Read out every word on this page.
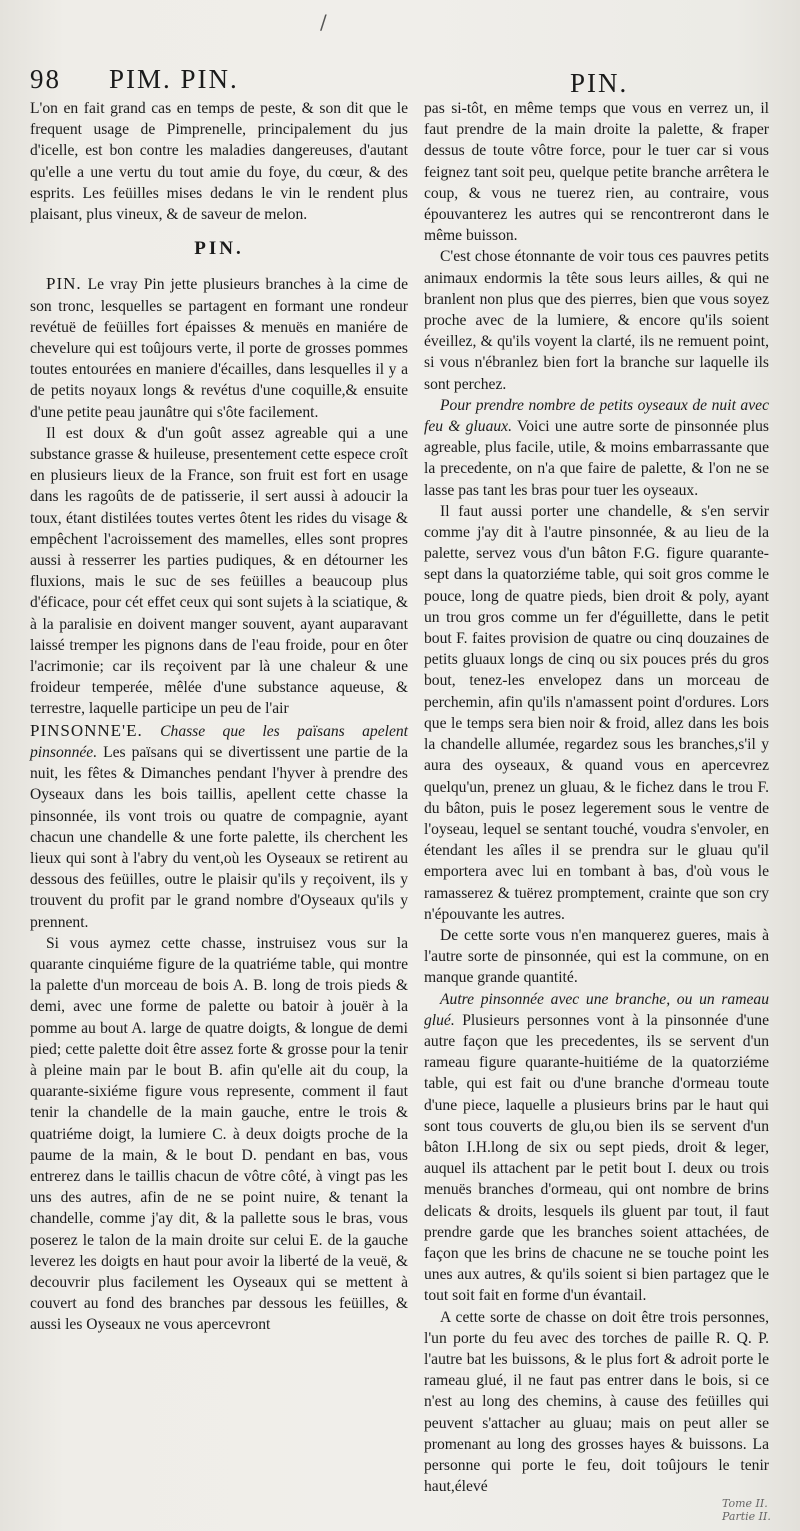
/
98 PIM. PIN.	PIN.

L'on en fait grand cas en temps de peste, & son dit que le frequent usage de Pimprenelle, principalement du jus d'icelle, est bon contre les maladies dangereuses, d'autant qu'elle a une vertu du tout amie du foye, du cœur, & des esprits. Les feüilles mises dedans le vin le rendent plus plaisant, plus vineux, & de saveur de melon.

PIN.

PIN. Le vray Pin jette plusieurs branches à la cime de son tronc, lesquelles se partagent en formant une rondeur revétuë de feüilles fort épaisses & menuës en maniére de chevelure qui est toûjours verte, il porte de grosses pommes toutes entourées en maniere d'écailles, dans lesquelles il y a de petits noyaux longs & revétus d'une coquille,& ensuite d'une petite peau jaunâtre qui s'ôte facilement.

Il est doux & d'un goût assez agreable qui a une substance grasse & huileuse, presentement cette espece croît en plusieurs lieux de la France, son fruit est fort en usage dans les ragoûts de de patisserie, il sert aussi à adoucir la toux, étant distilées toutes vertes ôtent les rides du visage & empêchent l'acroissement des mamelles, elles sont propres aussi à resserrer les parties pudiques, & en détourner les fluxions, mais le suc de ses feüilles a beaucoup plus d'éficace, pour cét effet ceux qui sont sujets à la sciatique, & à la paralisie en doivent manger souvent, ayant auparavant laissé tremper les pignons dans de l'eau froide, pour en ôter l'acrimonie; car ils reçoivent par là une chaleur & une froideur temperée, mêlée d'une substance aqueuse, & terrestre, laquelle participe un peu de l'air

PINSONNE'E. Chasse que les païsans apelent pinsonnée. Les païsans qui se divertissent une partie de la nuit, les fêtes & Dimanches pendant l'hyver à prendre des Oyseaux dans les bois taillis, apellent cette chasse la pinsonnée, ils vont trois ou quatre de compagnie, ayant chacun une chandelle & une forte palette, ils cherchent les lieux qui sont à l'abry du vent,où les Oyseaux se retirent au dessous des feüilles, outre le plaisir qu'ils y reçoivent, ils y trouvent du profit par le grand nombre d'Oyseaux qu'ils y prennent.

Si vous aymez cette chasse, instruisez vous sur la quarante cinquiéme figure de la quatriéme table, qui montre la palette d'un morceau de bois A. B. long de trois pieds & demi, avec une forme de palette ou batoir à jouër à la pomme au bout A. large de quatre doigts, & longue de demi pied; cette palette doit être assez forte & grosse pour la tenir à pleine main par le bout B. afin qu'elle ait du coup, la quarante-sixiéme figure vous represente, comment il faut tenir la chandelle de la main gauche, entre le trois & quatriéme doigt, la lumiere C. à deux doigts proche de la paume de la main, & le bout D. pendant en bas, vous entrerez dans le taillis chacun de vôtre côté, à vingt pas les uns des autres, afin de ne se point nuire, & tenant la chandelle, comme j'ay dit, & la pallette sous le bras, vous poserez le talon de la main droite sur celui E. de la gauche leverez les doigts en haut pour avoir la liberté de la veuë, & decouvrir plus facilement les Oyseaux qui se mettent à couvert au fond des branches par dessous les feüilles, & aussi les Oyseaux ne vous apercevront

pas si-tôt, en même temps que vous en verrez un, il faut prendre de la main droite la palette, & fraper dessus de toute vôtre force, pour le tuer car si vous feignez tant soit peu, quelque petite branche arrêtera le coup, & vous ne tuerez rien, au contraire, vous épouvanterez les autres qui se rencontreront dans le même buisson.

C'est chose étonnante de voir tous ces pauvres petits animaux endormis la tête sous leurs ailles, & qui ne branlent non plus que des pierres, bien que vous soyez proche avec de la lumiere, & encore qu'ils soient éveillez, & qu'ils voyent la clarté, ils ne remuent point, si vous n'ébranlez bien fort la branche sur laquelle ils sont perchez.

Pour prendre nombre de petits oyseaux de nuit avec feu & gluaux. Voici une autre sorte de pinsonnée plus agreable, plus facile, utile, & moins embarrassante que la precedente, on n'a que faire de palette, & l'on ne se lasse pas tant les bras pour tuer les oyseaux.

Il faut aussi porter une chandelle, & s'en servir comme j'ay dit à l'autre pinsonnée, & au lieu de la palette, servez vous d'un bâton F.G. figure quarante-sept dans la quatorziéme table, qui soit gros comme le pouce, long de quatre pieds, bien droit & poly, ayant un trou gros comme un fer d'éguillette, dans le petit bout F. faites provision de quatre ou cinq douzaines de petits gluaux longs de cinq ou six pouces prés du gros bout, tenez-les envelopez dans un morceau de perchemin, afin qu'ils n'amassent point d'ordures. Lors que le temps sera bien noir & froid, allez dans les bois la chandelle allumée, regardez sous les branches,s'il y aura des oyseaux, & quand vous en apercevrez quelqu'un, prenez un gluau, & le fichez dans le trou F. du bâton, puis le posez legerement sous le ventre de l'oyseau, lequel se sentant touché, voudra s'envoler, en étendant les aîles il se prendra sur le gluau qu'il emportera avec lui en tombant à bas, d'où vous le ramasserez & tuërez promptement, crainte que son cry n'épouvante les autres.

De cette sorte vous n'en manquerez gueres, mais à l'autre sorte de pinsonnée, qui est la commune, on en manque grande quantité.

Autre pinsonnée avec une branche, ou un rameau glué. Plusieurs personnes vont à la pinsonnée d'une autre façon que les precedentes, ils se servent d'un rameau figure quarante-huitiéme de la quatorziéme table, qui est fait ou d'une branche d'ormeau toute d'une piece, laquelle a plusieurs brins par le haut qui sont tous couverts de glu,ou bien ils se servent d'un bâton I.H.long de six ou sept pieds, droit & leger, auquel ils attachent par le petit bout I. deux ou trois menuës branches d'ormeau, qui ont nombre de brins delicats & droits, lesquels ils gluent par tout, il faut prendre garde que les branches soient attachées, de façon que les brins de chacune ne se touche point les unes aux autres, & qu'ils soient si bien partagez que le tout soit fait en forme d'un évantail.

A cette sorte de chasse on doit être trois personnes, l'un porte du feu avec des torches de paille R. Q. P. l'autre bat les buissons, & le plus fort & adroit porte le rameau glué, il ne faut pas entrer dans le bois, si ce n'est au long des chemins, à cause des feüilles qui peuvent s'attacher au gluau; mais on peut aller se promenant au long des grosses hayes & buissons. La personne qui porte le feu, doit toûjours le tenir haut,élevé

Tome II. Partie II.
